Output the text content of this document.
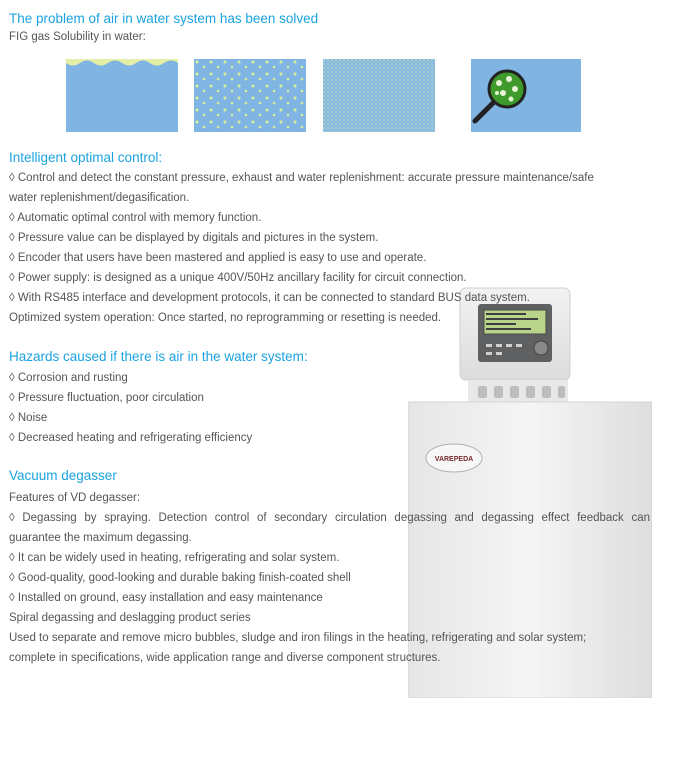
The problem of air in water system has been solved

FIG gas Solubility in water:

VAREPEDA
Intelligent optimal control:

◊ Control and detect the constant pressure, exhaust and water replenishment: accurate pressure maintenance/safe

water replenishment/degasification.

◊ Automatic optimal control with memory function.

◊ Pressure value can be displayed by digitals and pictures in the system.

◊ Encoder that users have been mastered and applied is easy to use and operate.

◊ Power supply: is designed as a unique 400V/50Hz ancillary facility for circuit connection.

◊ With RS485 interface and development protocols, it can be connected to standard BUS data system.

Optimized system operation: Once started, no reprogramming or resetting is needed.

Hazards caused if there is air in the water system:

◊ Corrosion and rusting

◊ Pressure fluctuation, poor circulation

◊ Noise

◊ Decreased heating and refrigerating efficiency

Vacuum degasser

Features of VD degasser:

◊ Degassing by spraying. Detection control of secondary circulation degassing and degassing effect feedback can

guarantee the maximum degassing.

◊ It can be widely used in heating, refrigerating and solar system.

◊ Good-quality, good-looking and durable baking finish-coated shell

◊ Installed on ground, easy installation and easy maintenance

Spiral degassing and deslagging product series

Used to separate and remove micro bubbles, sludge and iron filings in the heating, refrigerating and solar system;

complete in specifications, wide application range and diverse component structures.
